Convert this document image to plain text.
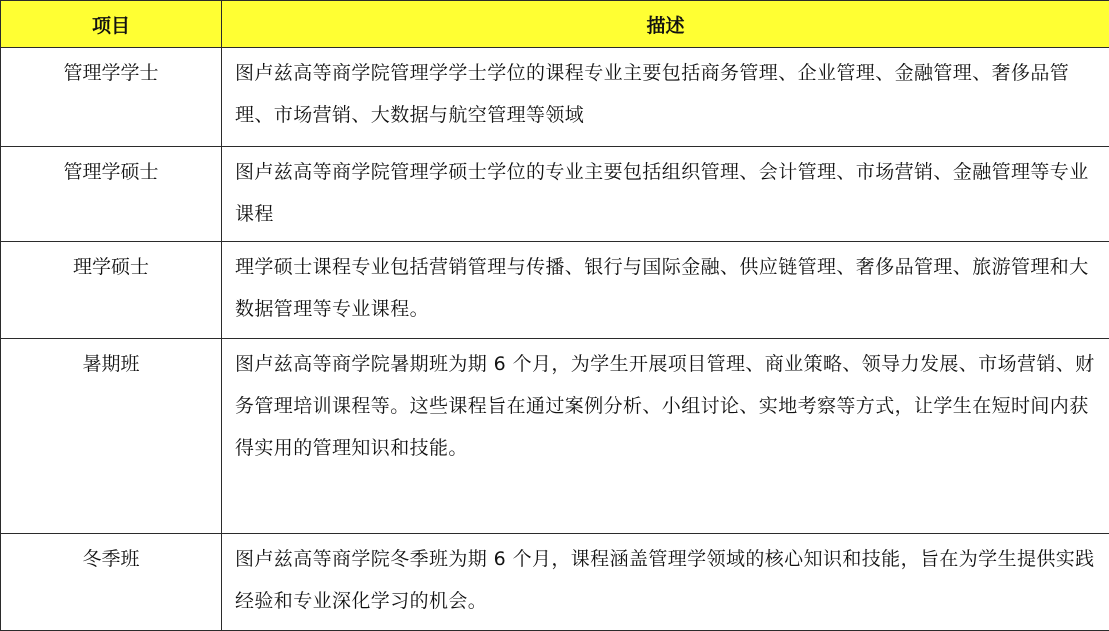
项目	描述
管理学学士	图卢兹高等商学院管理学学士学位的课程专业主要包括商务管理、企业管理、金融管理、奢侈品管理、市场营销、大数据与航空管理等领域
管理学硕士	图卢兹高等商学院管理学硕士学位的专业主要包括组织管理、会计管理、市场营销、金融管理等专业课程
理学硕士	理学硕士课程专业包括营销管理与传播、银行与国际金融、供应链管理、奢侈品管理、旅游管理和大数据管理等专业课程。
暑期班	图卢兹高等商学院暑期班为期 6 个月，为学生开展项目管理、商业策略、领导力发展、市场营销、财务管理培训课程等。这些课程旨在通过案例分析、小组讨论、实地考察等方式，让学生在短时间内获得实用的管理知识和技能。
冬季班	图卢兹高等商学院冬季班为期 6 个月，课程涵盖管理学领域的核心知识和技能，旨在为学生提供实践经验和专业深化学习的机会。
